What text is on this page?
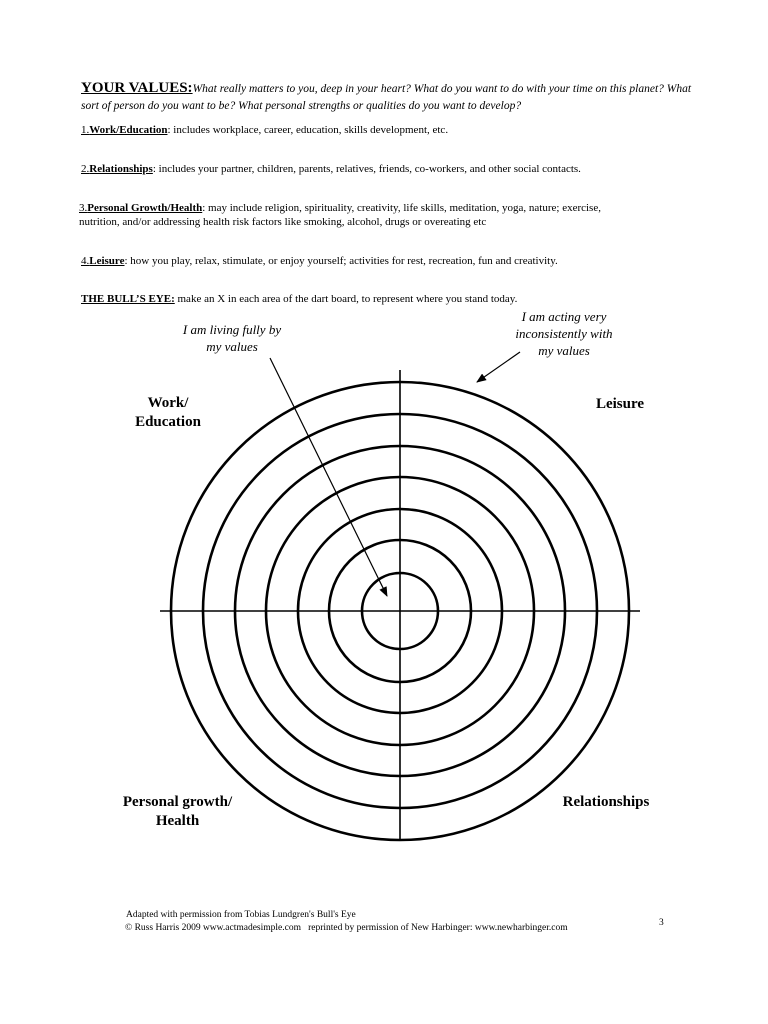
YOUR VALUES:What really matters to you, deep in your heart? What do you want to do with your time on this planet? What sort of person do you want to be? What personal strengths or qualities do you want to develop?
1.Work/Education: includes workplace, career, education, skills development, etc.
2.Relationships: includes your partner, children, parents, relatives, friends, co-workers, and other social contacts.
3.Personal Growth/Health: may include religion, spirituality, creativity, life skills, meditation, yoga, nature; exercise, nutrition, and/or addressing health risk factors like smoking, alcohol, drugs or overeating etc
4.Leisure: how you play, relax, stimulate, or enjoy yourself; activities for rest, recreation, fun and creativity.
THE BULL’S EYE: make an X in each area of the dart board, to represent where you stand today.
I am living fully by
my values
I am acting very
inconsistently with
my values
Work/
Education
Leisure
Personal growth/
Health
Relationships
Adapted with permission from Tobias Lundgren's Bull's Eye
© Russ Harris 2009 www.actmadesimple.com   reprinted by permission of New Harbinger: www.newharbinger.com	3
